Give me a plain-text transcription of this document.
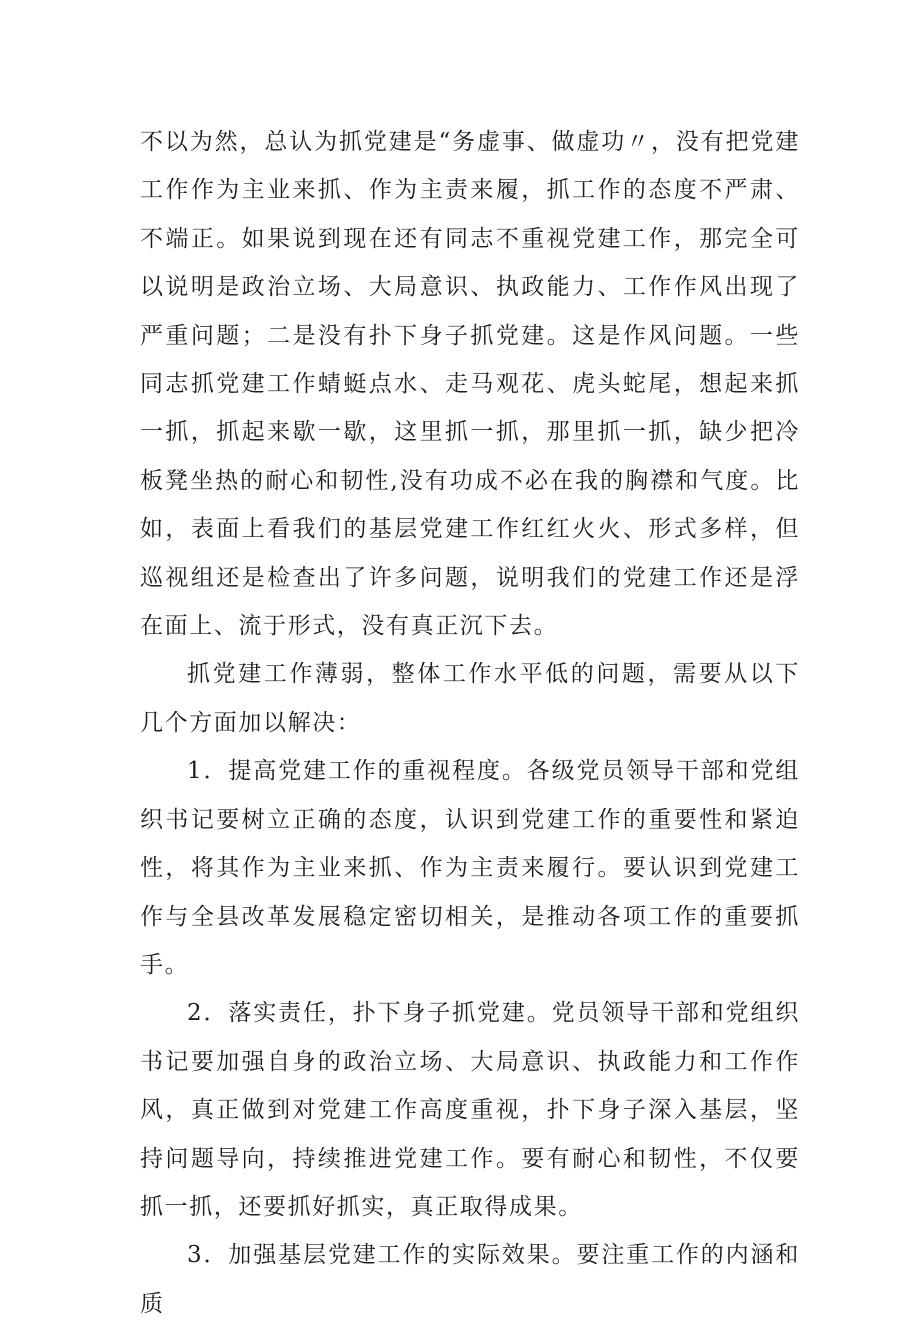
不以为然，总认为抓党建是“务虚事、做虚功〃，没有把党建工作作为主业来抓、作为主责来履，抓工作的态度不严肃、不端正。如果说到现在还有同志不重视党建工作，那完全可以说明是政治立场、大局意识、执政能力、工作作风出现了严重问题；二是没有扑下身子抓党建。这是作风问题。一些同志抓党建工作蜻蜓点水、走马观花、虎头蛇尾，想起来抓一抓，抓起来歇一歇，这里抓一抓，那里抓一抓，缺少把冷板凳坐热的耐心和韧性,没有功成不必在我的胸襟和气度。比如，表面上看我们的基层党建工作红红火火、形式多样，但巡视组还是检查出了许多问题，说明我们的党建工作还是浮在面上、流于形式，没有真正沉下去。

抓党建工作薄弱，整体工作水平低的问题，需要从以下几个方面加以解决：

1．提高党建工作的重视程度。各级党员领导干部和党组织书记要树立正确的态度，认识到党建工作的重要性和紧迫性，将其作为主业来抓、作为主责来履行。要认识到党建工作与全县改革发展稳定密切相关，是推动各项工作的重要抓手。

2．落实责任，扑下身子抓党建。党员领导干部和党组织书记要加强自身的政治立场、大局意识、执政能力和工作作风，真正做到对党建工作高度重视，扑下身子深入基层，坚持问题导向，持续推进党建工作。要有耐心和韧性，不仅要抓一抓，还要抓好抓实，真正取得成果。

3．加强基层党建工作的实际效果。要注重工作的内涵和质
